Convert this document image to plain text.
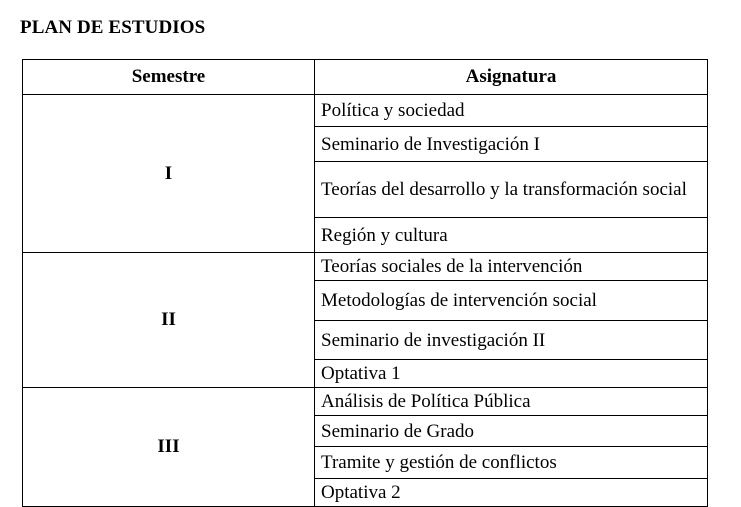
PLAN DE ESTUDIOS
Semestre	Asignatura
I	Política y sociedad
	Seminario de Investigación I
	Teorías del desarrollo y la transformación social
	Región y cultura
II	Teorías sociales de la intervención
	Metodologías de intervención social
	Seminario de investigación II
	Optativa 1
III	Análisis de Política Pública
	Seminario de Grado
	Tramite y gestión de conflictos
	Optativa 2
